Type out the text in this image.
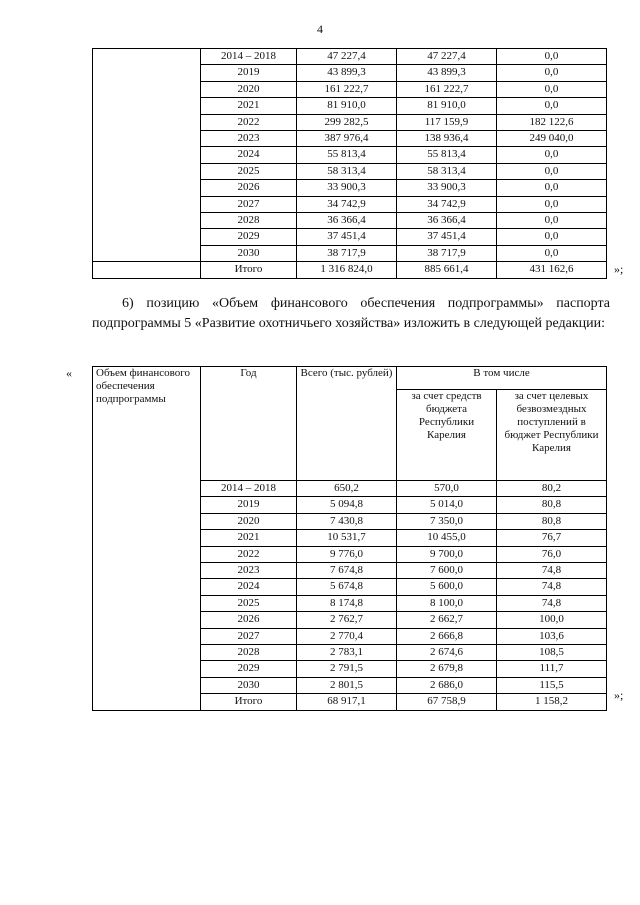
4
	2014 – 2018	47 227,4	47 227,4	0,0
	2019	43 899,3	43 899,3	0,0
	2020	161 222,7	161 222,7	0,0
	2021	81 910,0	81 910,0	0,0
	2022	299 282,5	117 159,9	182 122,6
	2023	387 976,4	138 936,4	249 040,0
	2024	55 813,4	55 813,4	0,0
	2025	58 313,4	58 313,4	0,0
	2026	33 900,3	33 900,3	0,0
	2027	34 742,9	34 742,9	0,0
	2028	36 366,4	36 366,4	0,0
	2029	37 451,4	37 451,4	0,0
	2030	38 717,9	38 717,9	0,0
	Итого	1 316 824,0	885 661,4	431 162,6	»;
6) позицию «Объем финансового обеспечения подпрограммы» паспорта подпрограммы 5 «Развитие охотничьего хозяйства» изложить в следующей редакции:
« Объем финансового обеспечения подпрограммы	Год	Всего (тыс. рублей)	В том числе	
			за счет средств бюджета Республики Карелия	за счет целевых безвозмездных поступлений в бюджет Республики Карелия
	2014 – 2018	650,2	570,0	80,2
	2019	5 094,8	5 014,0	80,8
	2020	7 430,8	7 350,0	80,8
	2021	10 531,7	10 455,0	76,7
	2022	9 776,0	9 700,0	76,0
	2023	7 674,8	7 600,0	74,8
	2024	5 674,8	5 600,0	74,8
	2025	8 174,8	8 100,0	74,8
	2026	2 762,7	2 662,7	100,0
	2027	2 770,4	2 666,8	103,6
	2028	2 783,1	2 674,6	108,5
	2029	2 791,5	2 679,8	111,7
	2030	2 801,5	2 686,0	115,5
	Итого	68 917,1	67 758,9	1 158,2	»;
